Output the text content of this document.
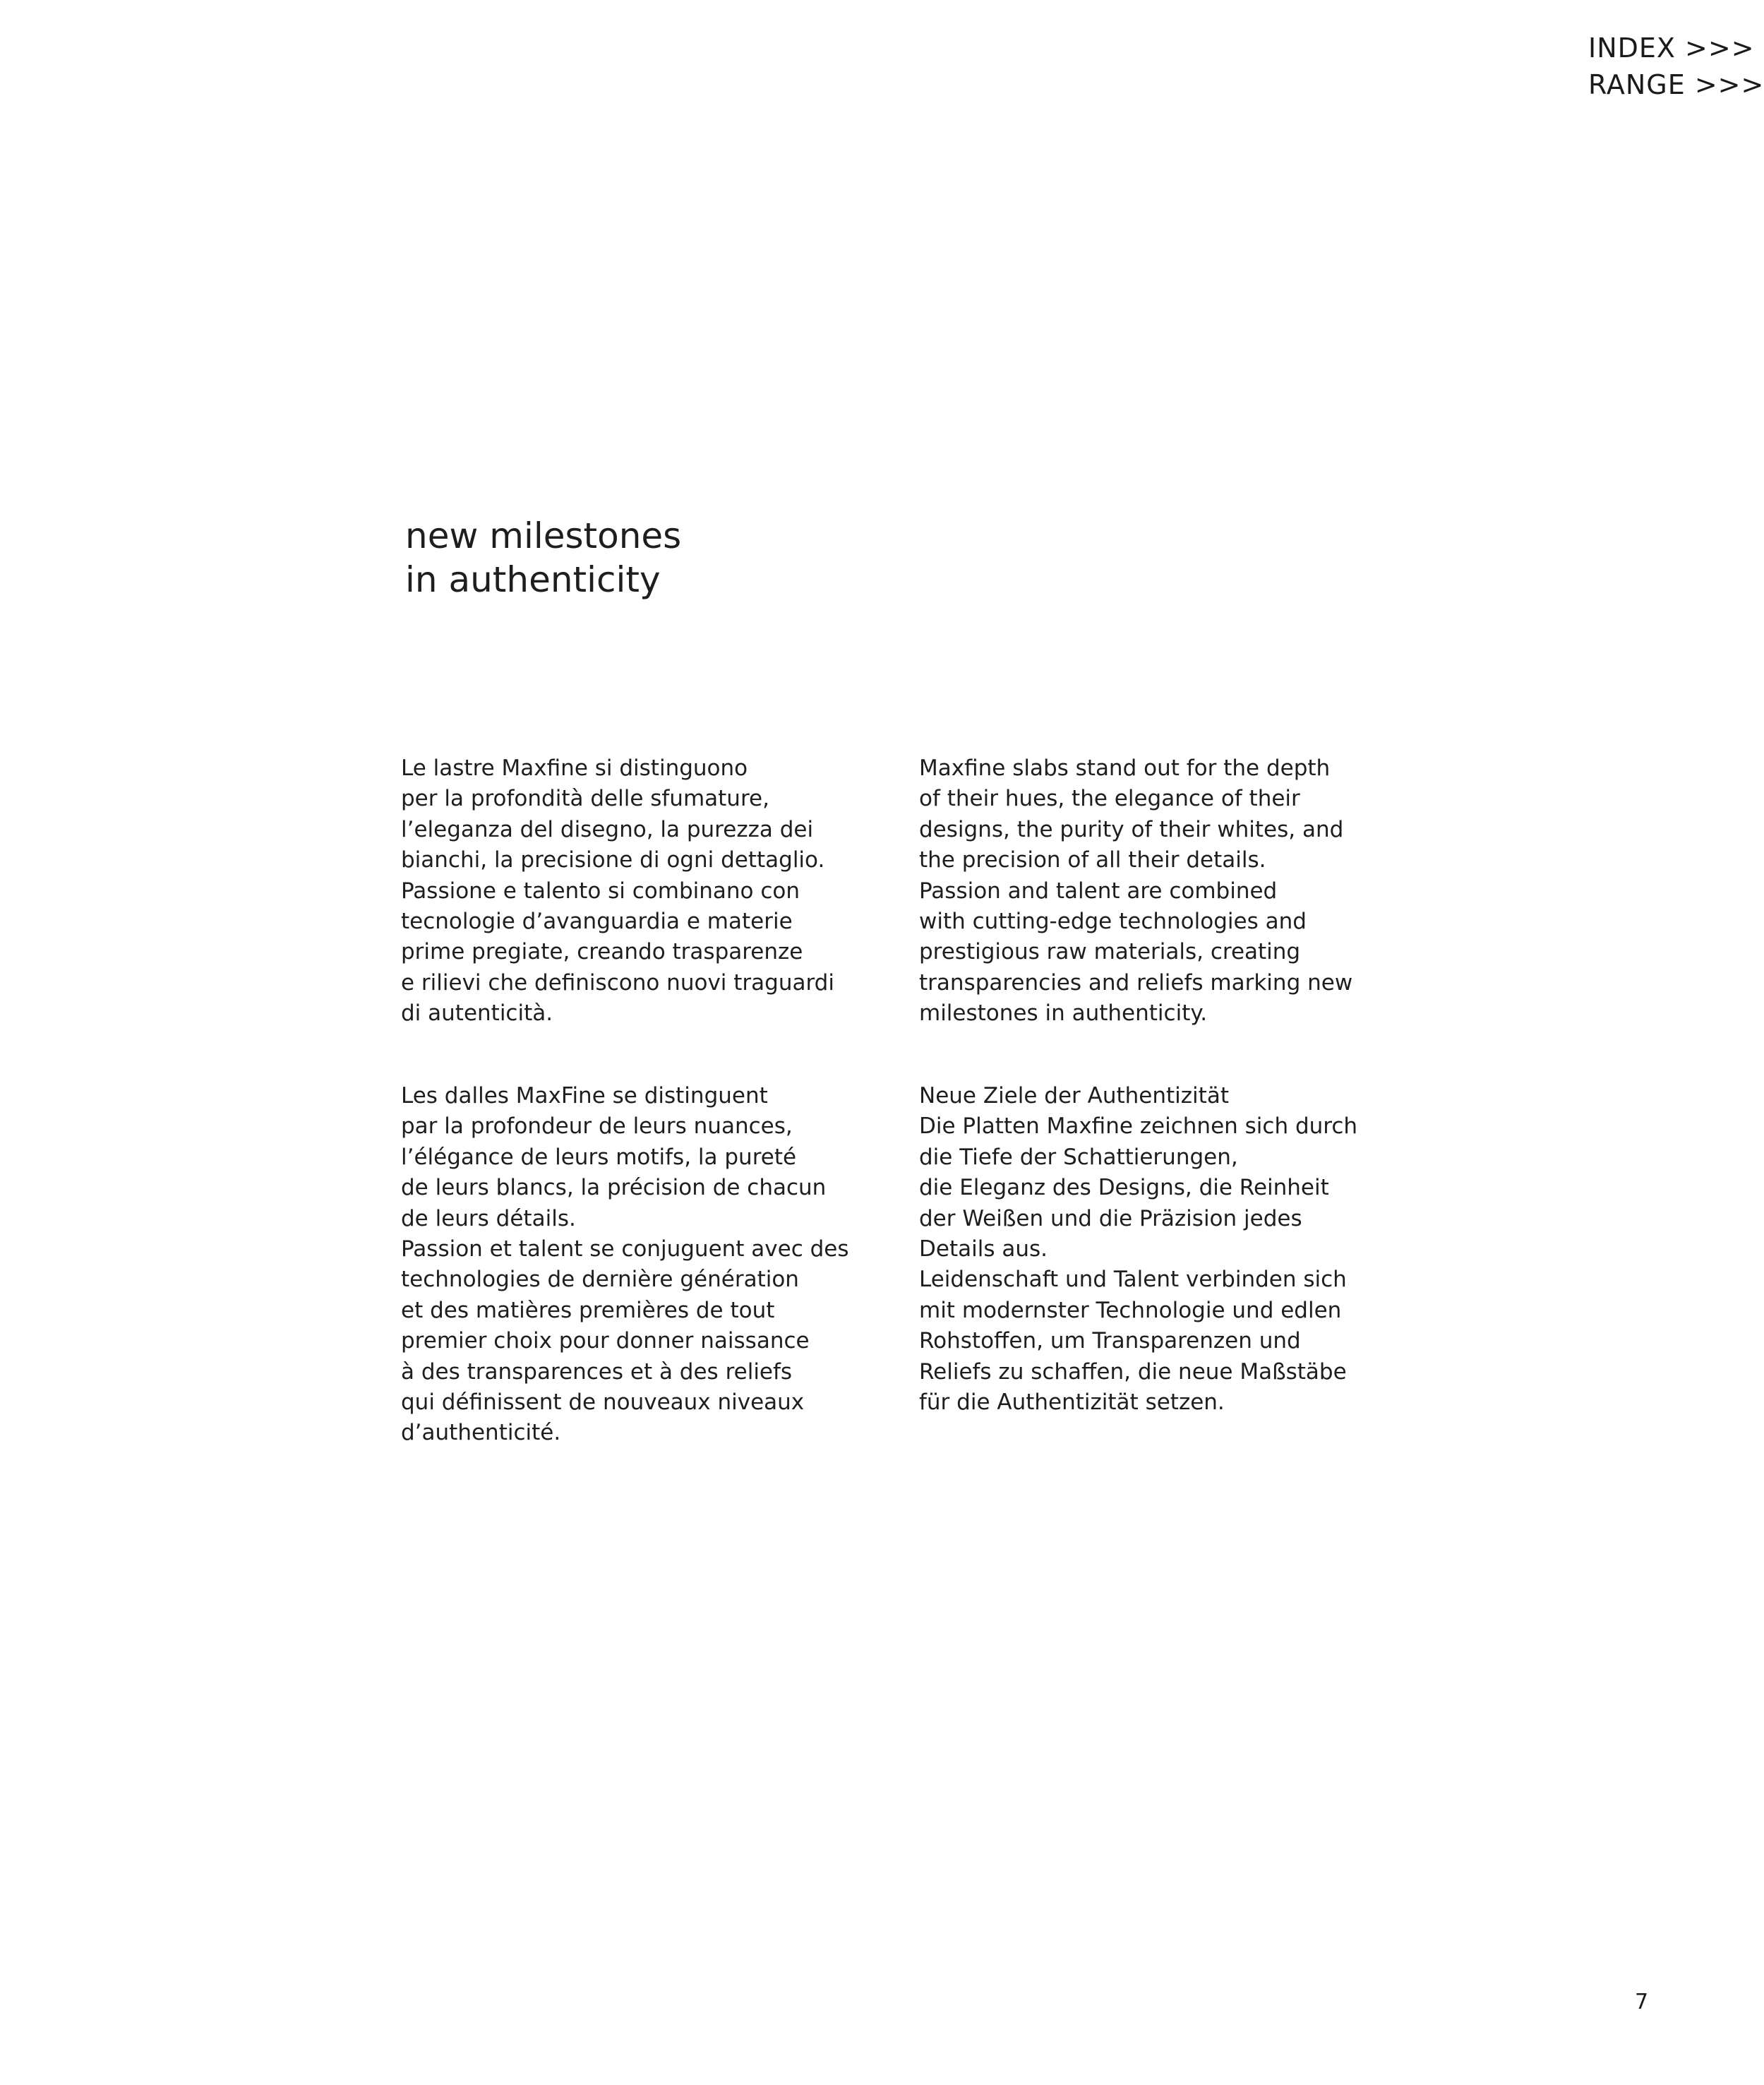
INDEX >>>
RANGE >>>
new milestones
in authenticity
Le lastre Maxfine si distinguono
per la profondità delle sfumature,
l’eleganza del disegno, la purezza dei
bianchi, la precisione di ogni dettaglio.
Passione e talento si combinano con
tecnologie d’avanguardia e materie
prime pregiate, creando trasparenze
e rilievi che definiscono nuovi traguardi
di autenticità.
Maxfine slabs stand out for the depth
of their hues, the elegance of their
designs, the purity of their whites, and
the precision of all their details.
Passion and talent are combined
with cutting-edge technologies and
prestigious raw materials, creating
transparencies and reliefs marking new
milestones in authenticity.
Les dalles MaxFine se distinguent
par la profondeur de leurs nuances,
l’élégance de leurs motifs, la pureté
de leurs blancs, la précision de chacun
de leurs détails.
Passion et talent se conjuguent avec des
technologies de dernière génération
et des matières premières de tout
premier choix pour donner naissance
à des transparences et à des reliefs
qui définissent de nouveaux niveaux
d’authenticité.
Neue Ziele der Authentizität
Die Platten Maxfine zeichnen sich durch
die Tiefe der Schattierungen,
die Eleganz des Designs, die Reinheit
der Weißen und die Präzision jedes
Details aus.
Leidenschaft und Talent verbinden sich
mit modernster Technologie und edlen
Rohstoffen, um Transparenzen und
Reliefs zu schaffen, die neue Maßstäbe
für die Authentizität setzen.
7
